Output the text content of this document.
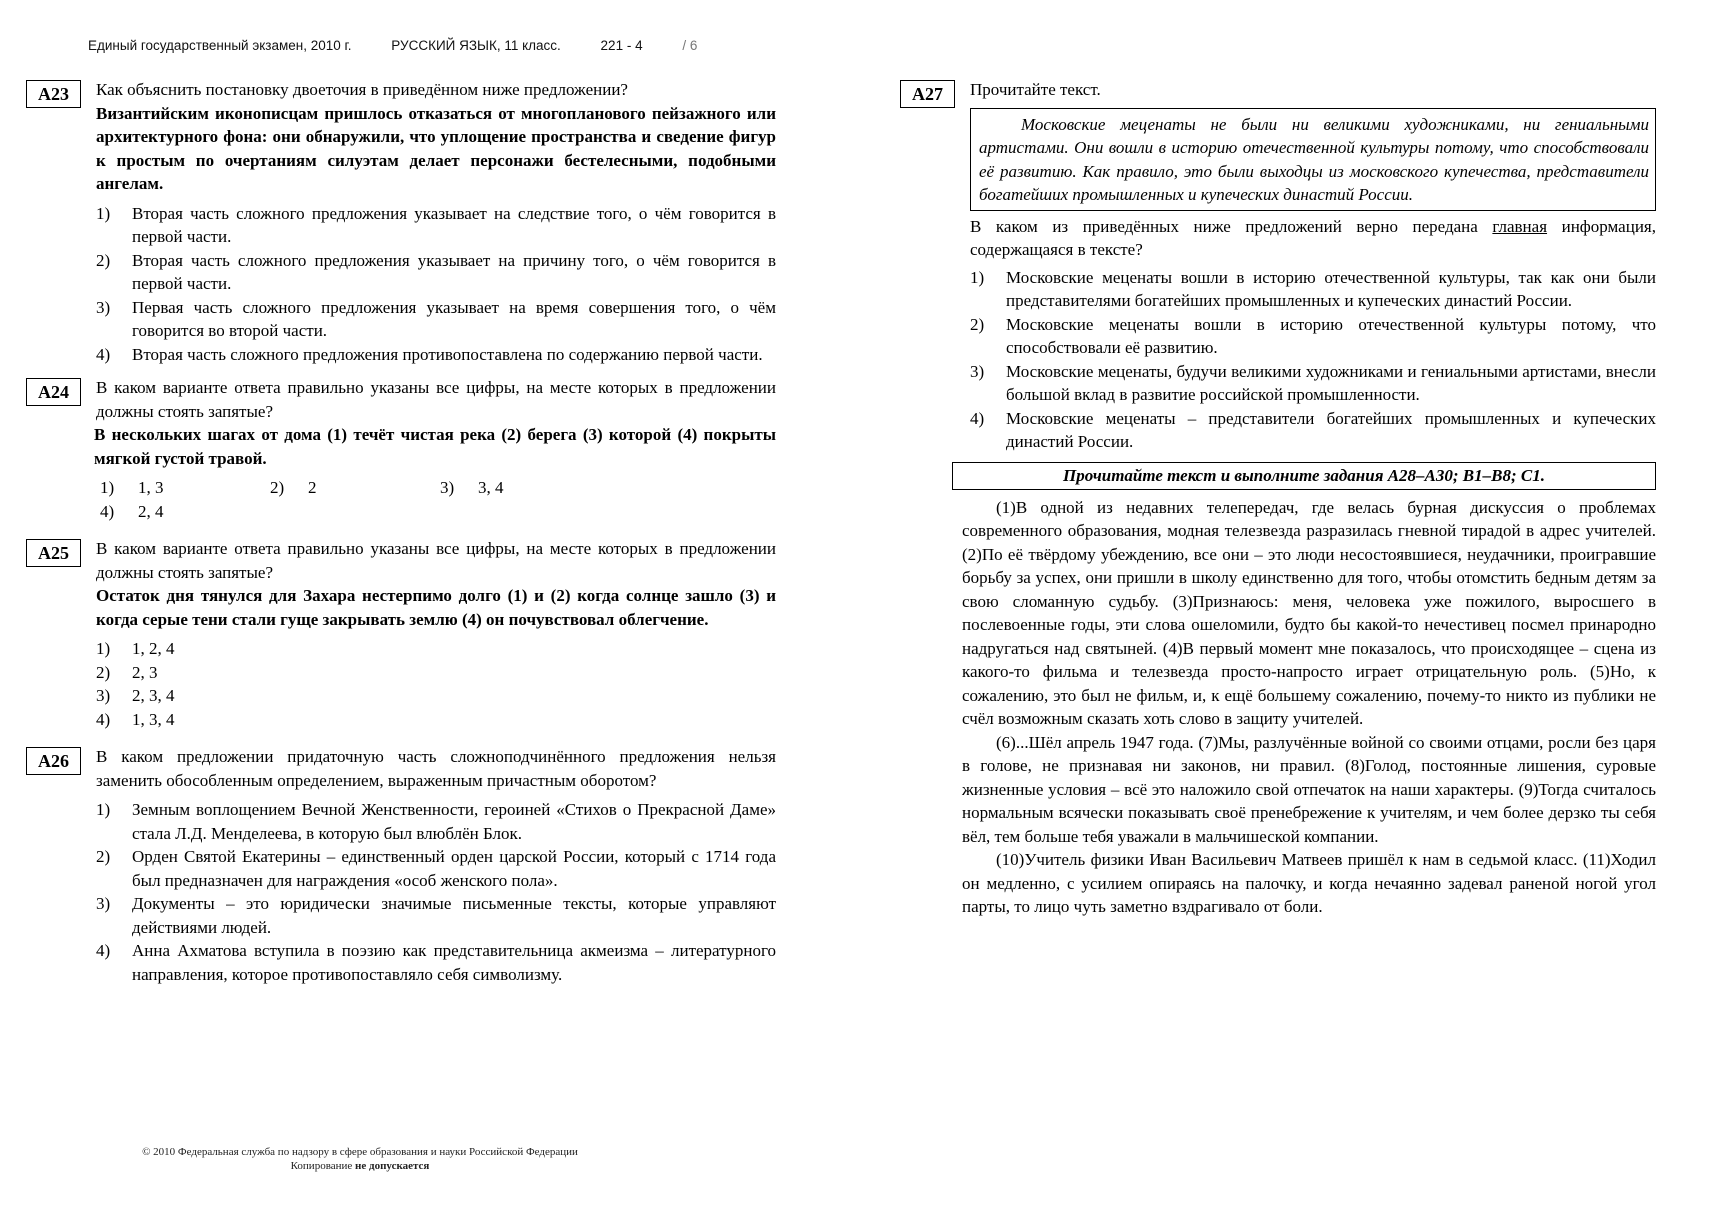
Единый государственный экзамен, 2010 г.	РУССКИЙ ЯЗЫК, 11 класс.	221 - 4	/ 6
A23	Как объяснить постановку двоеточия в приведённом ниже предложении?
Византийским иконописцам пришлось отказаться от многопланового пейзажного или архитектурного фона: они обнаружили, что уплощение пространства и сведение фигур к простым по очертаниям силуэтам делает персонажи бестелесными, подобными ангелам.
1) Вторая часть сложного предложения указывает на следствие того, о чём говорится в первой части.
2) Вторая часть сложного предложения указывает на причину того, о чём говорится в первой части.
3) Первая часть сложного предложения указывает на время совершения того, о чём говорится во второй части.
4) Вторая часть сложного предложения противопоставлена по содержанию первой части.
A24	В каком варианте ответа правильно указаны все цифры, на месте которых в предложении должны стоять запятые?
В нескольких шагах от дома (1) течёт чистая река (2) берега (3) которой (4) покрыты мягкой густой травой.
1) 1, 3	2) 2	3) 3, 44) 2, 4
A25	В каком варианте ответа правильно указаны все цифры, на месте которых в предложении должны стоять запятые?
Остаток дня тянулся для Захара нестерпимо долго (1) и (2) когда солнце зашло (3) и когда серые тени стали гуще закрывать землю (4) он почувствовал облегчение.
1) 1, 2, 4
2) 2, 3
3) 2, 3, 4
4) 1, 3, 4
A26	В каком предложении придаточную часть сложноподчинённого предложения нельзя заменить обособленным определением, выраженным причастным оборотом?
1) Земным воплощением Вечной Женственности, героиней «Стихов о Прекрасной Даме» стала Л.Д. Менделеева, в которую был влюблён Блок.
2) Орден Святой Екатерины – единственный орден царской России, который с 1714 года был предназначен для награждения «особ женского пола».
3) Документы – это юридически значимые письменные тексты, которые управляют действиями людей.
4) Анна Ахматова вступила в поэзию как представительница акмеизма – литературного направления, которое противопоставляло себя символизму.
A27	Прочитайте текст.
Московские меценаты не были ни великими художниками, ни гениальными артистами. Они вошли в историю отечественной культуры потому, что способствовали её развитию. Как правило, это были выходцы из московского купечества, представители богатейших промышленных и купеческих династий России.
В каком из приведённых ниже предложений верно передана главная информация, содержащаяся в тексте?
1) Московские меценаты вошли в историю отечественной культуры, так как они были представителями богатейших промышленных и купеческих династий России.
2) Московские меценаты вошли в историю отечественной культуры потому, что способствовали её развитию.
3) Московские меценаты, будучи великими художниками и гениальными артистами, внесли большой вклад в развитие российской промышленности.
4) Московские меценаты – представители богатейших промышленных и купеческих династий России.
Прочитайте текст и выполните задания А28–А30; В1–В8; С1.

(1)В одной из недавних телепередач, где велась бурная дискуссия о проблемах современного образования, модная телезвезда разразилась гневной тирадой в адрес учителей. (2)По её твёрдому убеждению, все они – это люди несостоявшиеся, неудачники, проигравшие борьбу за успех, они пришли в школу единственно для того, чтобы отомстить бедным детям за свою сломанную судьбу. (3)Признаюсь: меня, человека уже пожилого, выросшего в послевоенные годы, эти слова ошеломили, будто бы какой-то нечестивец посмел принародно надругаться над святыней. (4)В первый момент мне показалось, что происходящее – сцена из какого-то фильма и телезвезда просто-напросто играет отрицательную роль. (5)Но, к сожалению, это был не фильм, и, к ещё большему сожалению, почему-то никто из публики не счёл возможным сказать хоть слово в защиту учителей.

(6)...Шёл апрель 1947 года. (7)Мы, разлучённые войной со своими отцами, росли без царя в голове, не признавая ни законов, ни правил. (8)Голод, постоянные лишения, суровые жизненные условия – всё это наложило свой отпечаток на наши характеры. (9)Тогда считалось нормальным всячески показывать своё пренебрежение к учителям, и чем более дерзко ты себя вёл, тем больше тебя уважали в мальчишеской компании.

(10)Учитель физики Иван Васильевич Матвеев пришёл к нам в седьмой класс. (11)Ходил он медленно, с усилием опираясь на палочку, и когда нечаянно задевал раненой ногой угол парты, то лицо чуть заметно вздрагивало от боли.

© 2010 Федеральная служба по надзору в сфере образования и науки Российской Федерации
Копирование не допускается
